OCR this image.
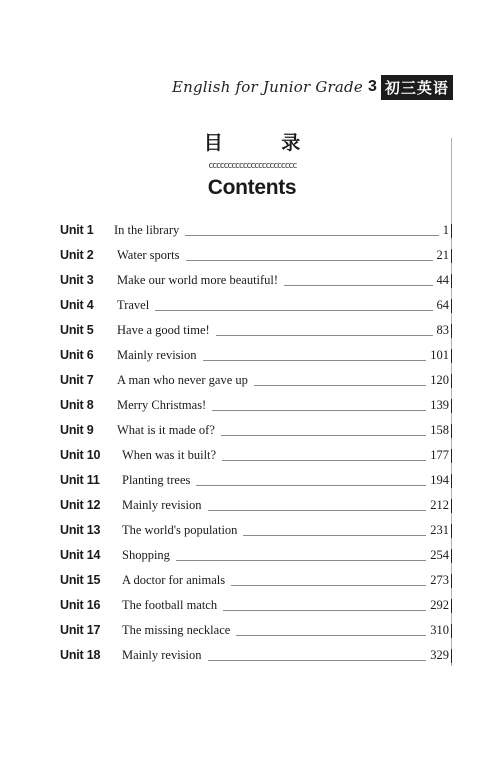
English for Junior Grade 3 初三英语
目 录
ccccccccccccccccccccccc
Contents
Unit 1 In the library	1
Unit 2 Water sports	21
Unit 3 Make our world more beautiful!	44
Unit 4 Travel	64
Unit 5 Have a good time!	83
Unit 6 Mainly revision	101
Unit 7 A man who never gave up	120
Unit 8 Merry Christmas!	139
Unit 9 What is it made of?	158
Unit 10 When was it built?	177
Unit 11 Planting trees	194
Unit 12 Mainly revision	212
Unit 13 The world's population	231
Unit 14 Shopping	254
Unit 15 A doctor for animals	273
Unit 16 The football match	292
Unit 17 The missing necklace	310
Unit 18 Mainly revision	329
